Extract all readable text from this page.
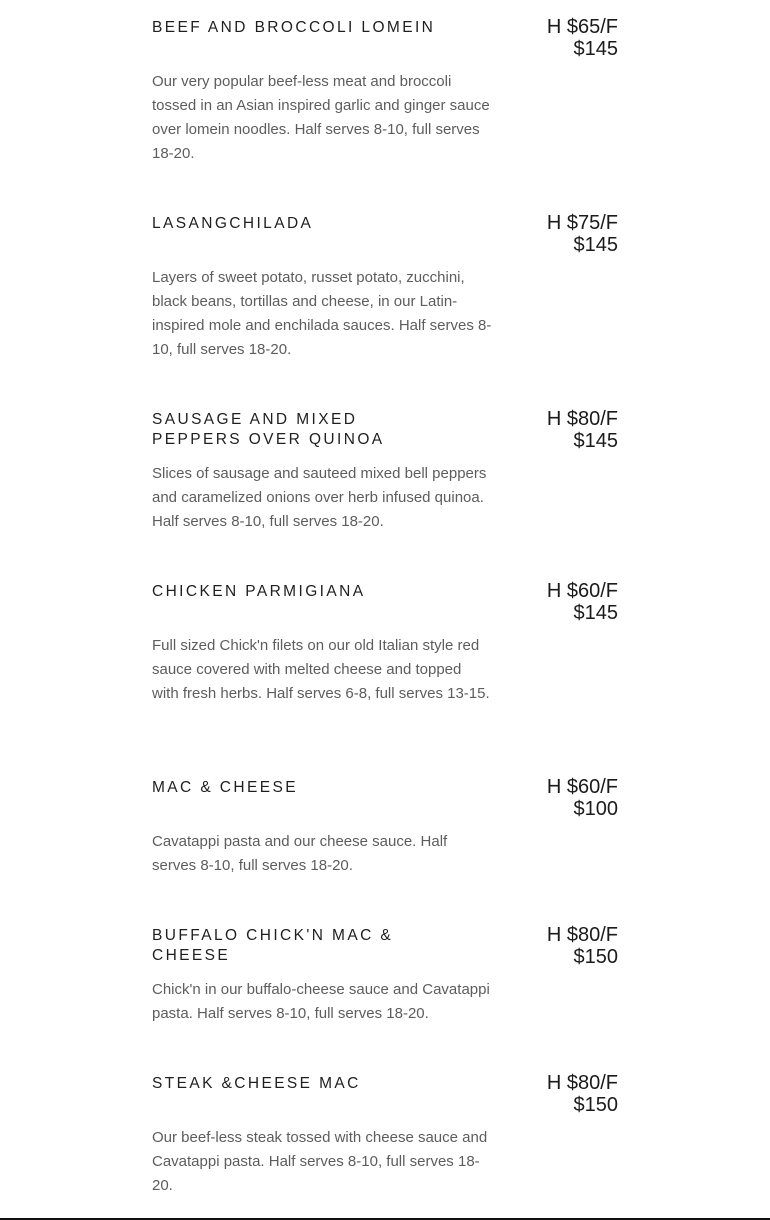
BEEF AND BROCCOLI LOMEIN	H $65/F
$145

Our very popular beef-less meat and broccoli tossed in an Asian inspired garlic and ginger sauce over lomein noodles. Half serves 8-10, full serves 18-20.

LASANGCHILADA	H $75/F
$145

Layers of sweet potato, russet potato, zucchini, black beans, tortillas and cheese, in our Latin-inspired mole and enchilada sauces. Half serves 8-10, full serves 18-20.

SAUSAGE AND MIXED PEPPERS OVER QUINOA
H $80/F
$145

Slices of sausage and sauteed mixed bell peppers and caramelized onions over herb infused quinoa. Half serves 8-10, full serves 18-20.

CHICKEN PARMIGIANA	H $60/F
$145

Full sized Chick'n filets on our old Italian style red sauce covered with melted cheese and topped with fresh herbs. Half serves 6-8, full serves 13-15.

MAC & CHEESE	H $60/F
$100

Cavatappi pasta and our cheese sauce. Half serves 8-10, full serves 18-20.

BUFFALO CHICK'N MAC & CHEESE
H $80/F
$150

Chick'n in our buffalo-cheese sauce and Cavatappi pasta. Half serves 8-10, full serves 18-20.

STEAK &CHEESE MAC	H $80/F
$150

Our beef-less steak tossed with cheese sauce and Cavatappi pasta. Half serves 8-10, full serves 18-20.
